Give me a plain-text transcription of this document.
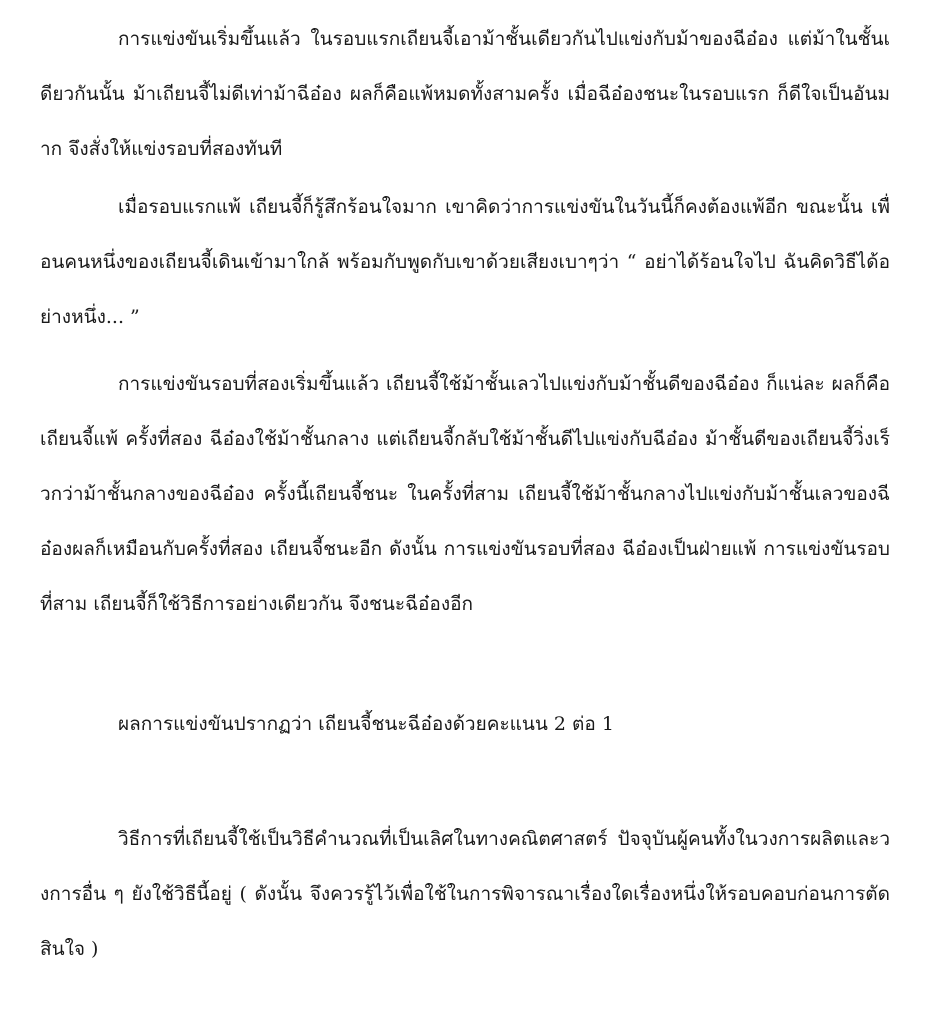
การแข่งขันเริ่มขึ้นแล้ว ในรอบแรกเถียนจี้เอาม้าชั้นเดียวกันไปแข่งกับม้าของฉีอ๋อง แต่ม้าในชั้นเดียวกันนั้น ม้าเถียนจี้ไม่ดีเท่าม้าฉีอ๋อง ผลก็คือแพ้หมดทั้งสามครั้ง เมื่อฉีอ๋องชนะในรอบแรก ก็ดีใจเป็นอันมาก จึงสั่งให้แข่งรอบที่สองทันที

เมื่อรอบแรกแพ้ เถียนจี้ก็รู้สึกร้อนใจมาก เขาคิดว่าการแข่งขันในวันนี้ก็คงต้องแพ้อีก ขณะนั้น เพื่อนคนหนึ่งของเถียนจี้เดินเข้ามาใกล้ พร้อมกับพูดกับเขาด้วยเสียงเบาๆว่า “ อย่าได้ร้อนใจไป ฉันคิดวิธีได้อย่างหนึ่ง... ”

การแข่งขันรอบที่สองเริ่มขึ้นแล้ว เถียนจี้ใช้ม้าชั้นเลวไปแข่งกับม้าชั้นดีของฉีอ๋อง ก็แน่ละ ผลก็คือเถียนจี้แพ้ ครั้งที่สอง ฉีอ๋องใช้ม้าชั้นกลาง แต่เถียนจี้กลับใช้ม้าชั้นดีไปแข่งกับฉีอ๋อง ม้าชั้นดีของเถียนจี้วิ่งเร็วกว่าม้าชั้นกลางของฉีอ๋อง ครั้งนี้เถียนจี้ชนะ ในครั้งที่สาม เถียนจี้ใช้ม้าชั้นกลางไปแข่งกับม้าชั้นเลวของฉีอ๋องผลก็เหมือนกับครั้งที่สอง เถียนจี้ชนะอีก ดังนั้น การแข่งขันรอบที่สอง ฉีอ๋องเป็นฝ่ายแพ้ การแข่งขันรอบที่สาม เถียนจี้ก็ใช้วิธีการอย่างเดียวกัน จึงชนะฉีอ๋องอีก

ผลการแข่งขันปรากฏว่า เถียนจี้ชนะฉีอ๋องด้วยคะแนน 2 ต่อ 1

วิธีการที่เถียนจี้ใช้เป็นวิธีคำนวณที่เป็นเลิศในทางคณิตศาสตร์ ปัจจุบันผู้คนทั้งในวงการผลิตและวงการอื่น ๆ ยังใช้วิธีนี้อยู่ ( ดังนั้น จึงควรรู้ไว้เพื่อใช้ในการพิจารณาเรื่องใดเรื่องหนึ่งให้รอบคอบก่อนการตัดสินใจ )
